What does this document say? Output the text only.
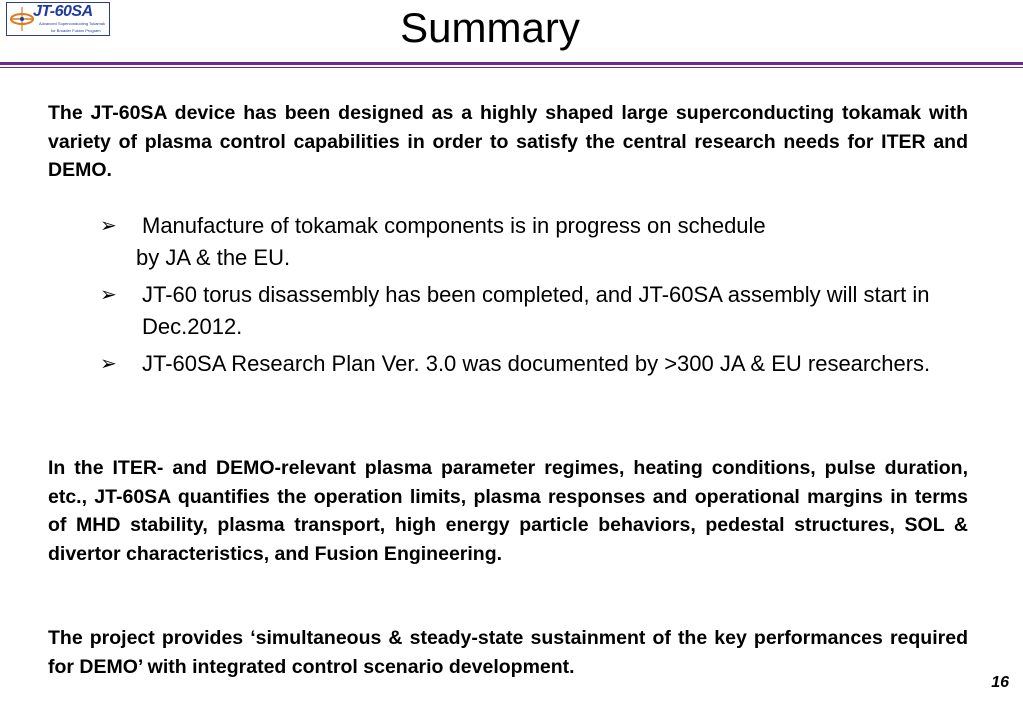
JT-60SA
Advanced Superconducting Tokamak
for Broader Fusion Program	Summary

The JT-60SA device has been designed as a highly shaped large superconducting tokamak with variety of plasma control capabilities in order to satisfy the central research needs for ITER and DEMO.

➢ Manufacture of tokamak components is in progress on schedule
by JA & the EU.
➢ JT-60 torus disassembly has been completed, and JT-60SA assembly will start in Dec.2012.
➢ JT-60SA Research Plan Ver. 3.0 was documented by >300 JA & EU researchers.

In the ITER- and DEMO-relevant plasma parameter regimes, heating conditions, pulse duration, etc., JT-60SA quantifies the operation limits, plasma responses and operational margins in terms of MHD stability, plasma transport, high energy particle behaviors, pedestal structures, SOL & divertor characteristics, and Fusion Engineering.

The project provides ‘simultaneous & steady-state sustainment of the key performances required for DEMO’ with integrated control scenario development.

16
